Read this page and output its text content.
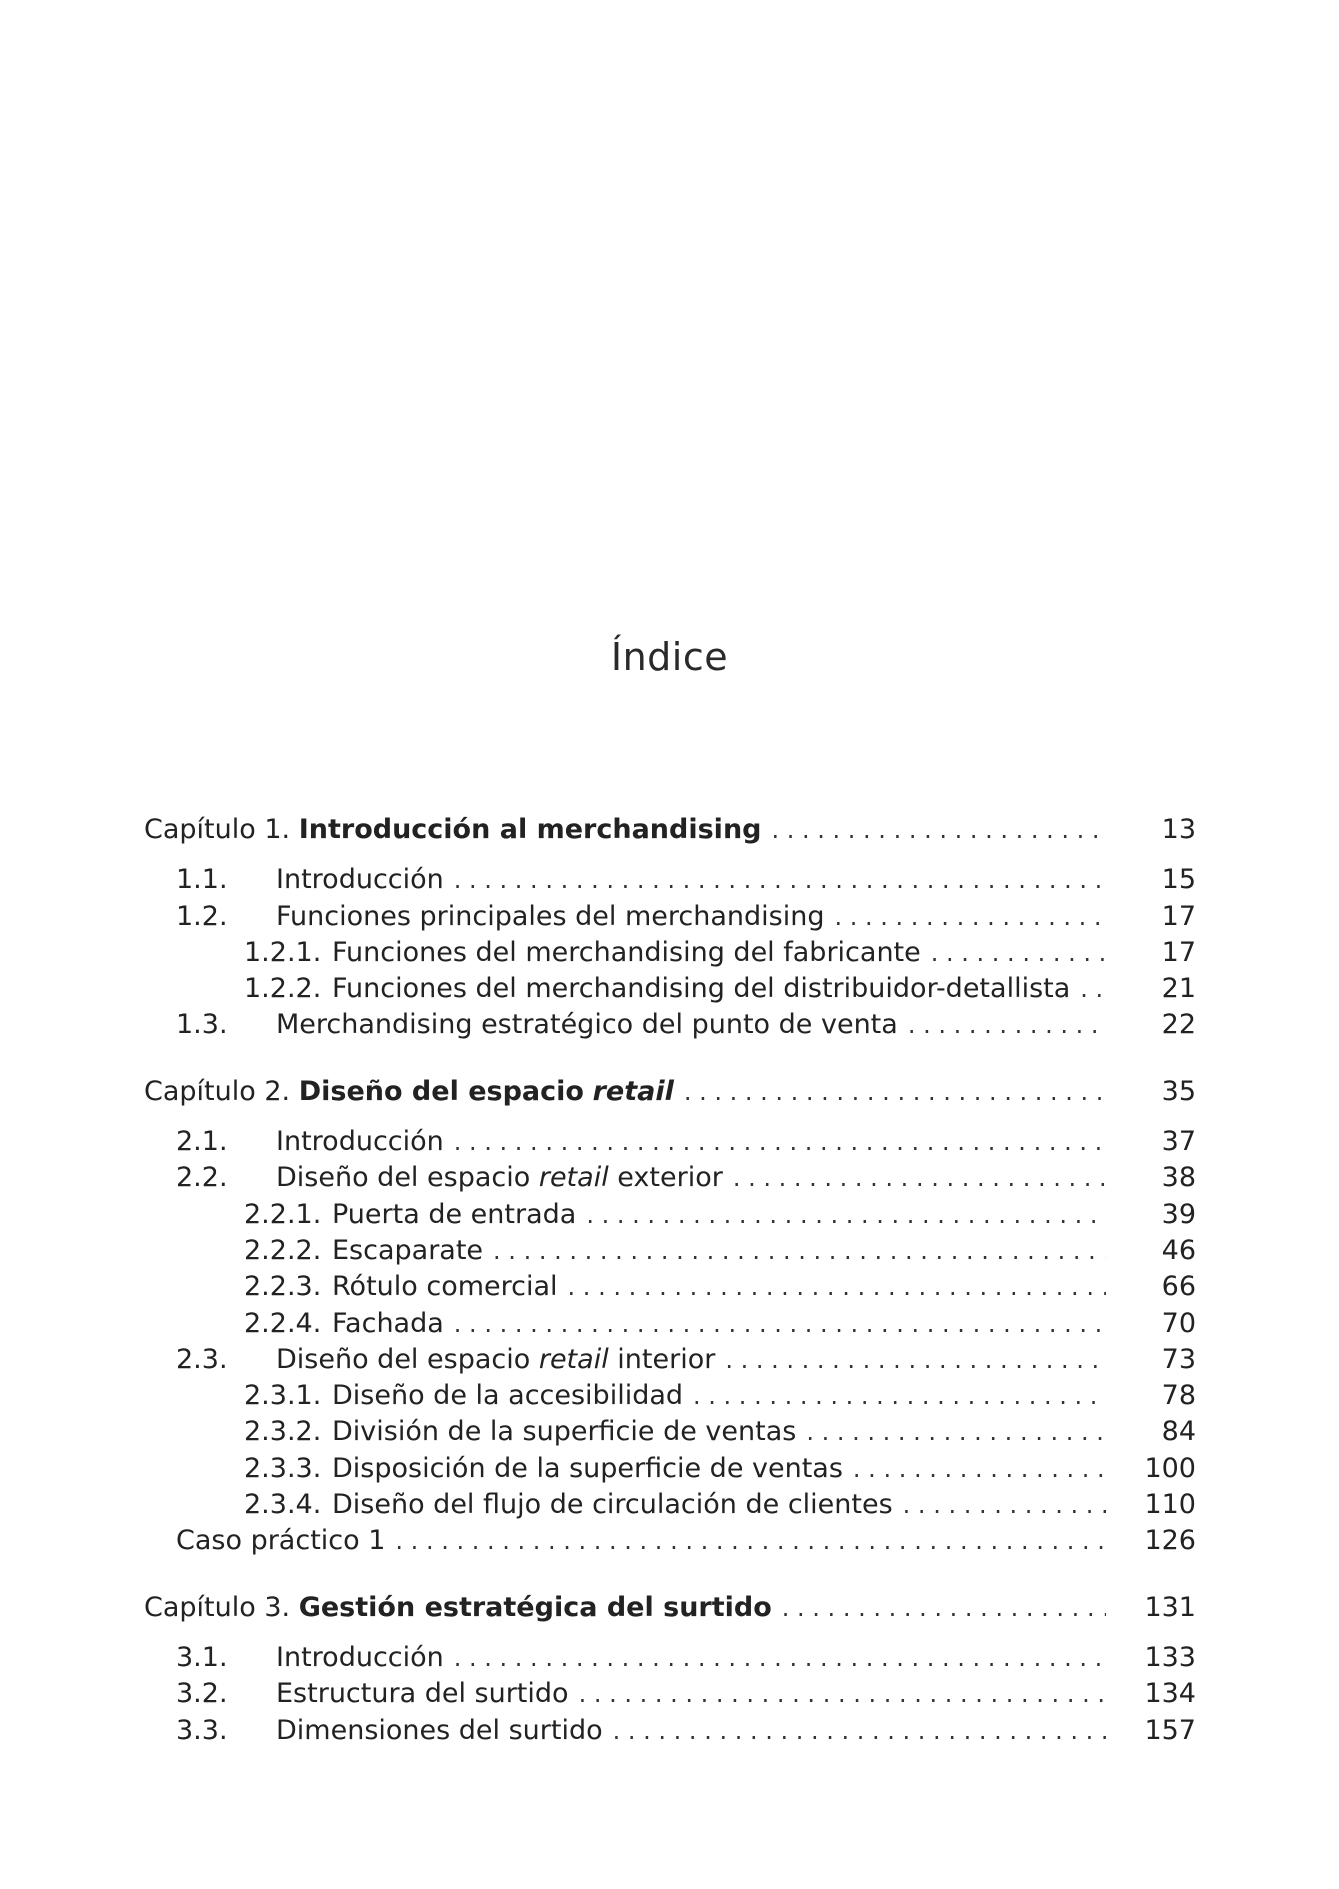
Índice
Capítulo 1. Introducción al merchandising . . .	13
1.1.	Introducción . . .	15
1.2.	Funciones principales del merchandising . . .	17
1.2.1. Funciones del merchandising del fabricante . . .	17
1.2.2. Funciones del merchandising del distribuidor-detallista . . .	21
1.3.	Merchandising estratégico del punto de venta . . .	22
Capítulo 2. Diseño del espacio retail . . .	35
2.1.	Introducción . . .	37
2.2.	Diseño del espacio retail exterior . . .	38
2.2.1. Puerta de entrada . . .	39
2.2.2. Escaparate . . .	46
2.2.3. Rótulo comercial . . .	66
2.2.4. Fachada . . .	70
2.3.	Diseño del espacio retail interior . . .	73
2.3.1. Diseño de la accesibilidad . . .	78
2.3.2. División de la superficie de ventas . . .	84
2.3.3. Disposición de la superficie de ventas . . .	100
2.3.4. Diseño del flujo de circulación de clientes . . .	110
Caso práctico 1 . . .	126
Capítulo 3. Gestión estratégica del surtido . . .	131
3.1.	Introducción . . .	133
3.2.	Estructura del surtido . . .	134
3.3.	Dimensiones del surtido . . .	157
